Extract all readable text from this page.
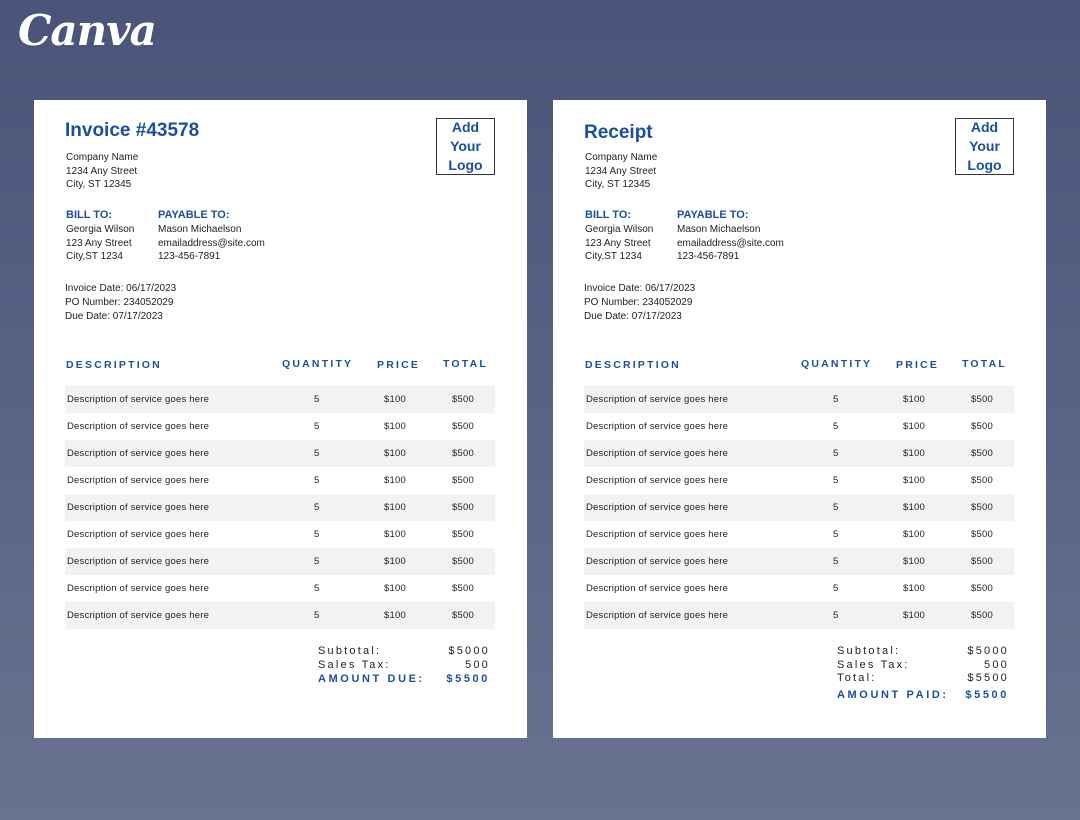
Canva
Invoice #43578	Add
Your
Logo
Company Name
1234 Any Street
City, ST 12345
BILL TO:
Georgia Wilson
123 Any Street
City,ST 1234
PAYABLE TO:
Mason Michaelson
emailaddress@site.com
123-456-7891
Invoice Date: 06/17/2023
PO Number: 234052029
Due Date: 07/17/2023
DESCRIPTION	QUANTITY PRICE TOTAL
Description of service goes here	5	$100	$500
Description of service goes here	5	$100	$500
Description of service goes here	5	$100	$500
Description of service goes here	5	$100	$500
Description of service goes here	5	$100	$500
Description of service goes here	5	$100	$500
Description of service goes here	5	$100	$500
Description of service goes here	5	$100	$500
Description of service goes here	5	$100	$500
Subtotal:	$5000
Sales Tax:	500
AMOUNT DUE: $5500
Receipt	Add
Your
Logo
Company Name
1234 Any Street
City, ST 12345
BILL TO:
Georgia Wilson
123 Any Street
City,ST 1234
PAYABLE TO:
Mason Michaelson
emailaddress@site.com
123-456-7891
Invoice Date: 06/17/2023
PO Number: 234052029
Due Date: 07/17/2023
DESCRIPTION	QUANTITY PRICE TOTAL
Description of service goes here	5	$100	$500
Description of service goes here	5	$100	$500
Description of service goes here	5	$100	$500
Description of service goes here	5	$100	$500
Description of service goes here	5	$100	$500
Description of service goes here	5	$100	$500
Description of service goes here	5	$100	$500
Description of service goes here	5	$100	$500
Description of service goes here	5	$100	$500
Subtotal:	$5000
Sales Tax:	500
Total:	$5500
AMOUNT PAID: $5500
